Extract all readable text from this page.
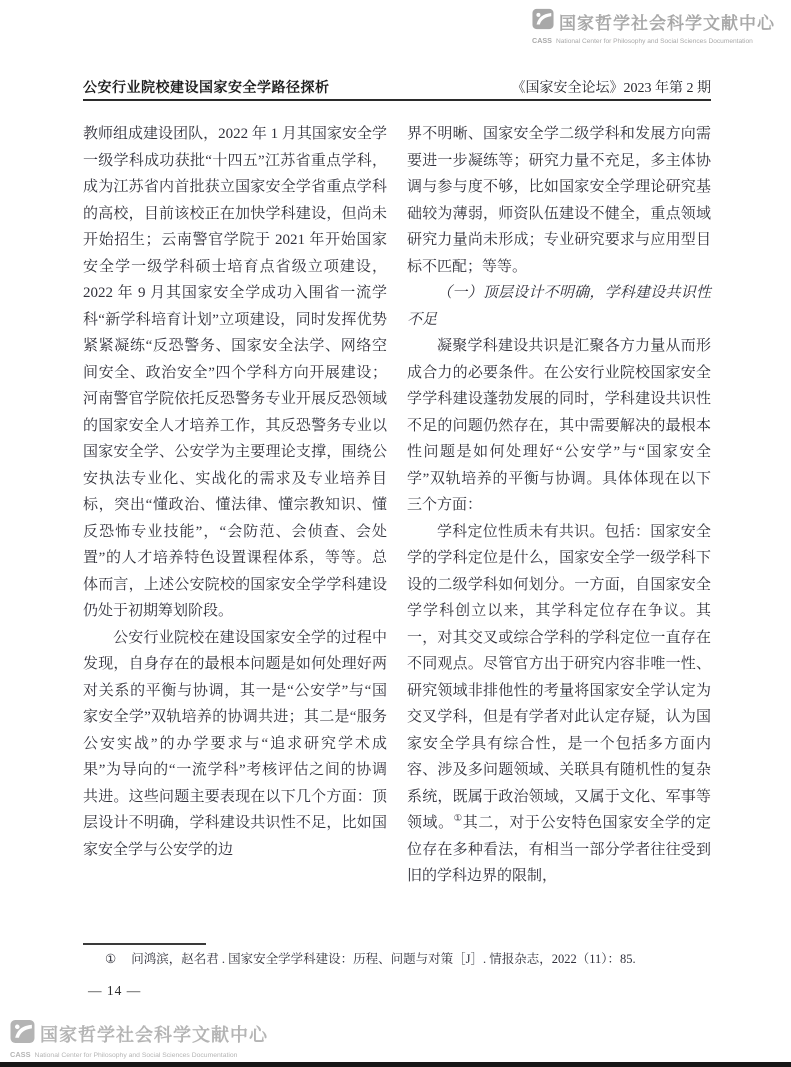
国家哲学社会科学文献中心
CASS National Center for Philosophy and Social Sciences Documentation
公安行业院校建设国家安全学路径探析	《国家安全论坛》2023 年第 2 期

教师组成建设团队，2022 年 1 月其国家安全学一级学科成功获批“十四五”江苏省重点学科，成为江苏省内首批获立国家安全学省重点学科的高校，目前该校正在加快学科建设，但尚未开始招生；云南警官学院于 2021 年开始国家安全学一级学科硕士培育点省级立项建设，2022 年 9 月其国家安全学成功入围省一流学科“新学科培育计划”立项建设，同时发挥优势紧紧凝练“反恐警务、国家安全法学、网络空间安全、政治安全”四个学科方向开展建设；河南警官学院依托反恐警务专业开展反恐领域的国家安全人才培养工作，其反恐警务专业以国家安全学、公安学为主要理论支撑，围绕公安执法专业化、实战化的需求及专业培养目标，突出“懂政治、懂法律、懂宗教知识、懂反恐怖专业技能”，“会防范、会侦查、会处置”的人才培养特色设置课程体系，等等。总体而言，上述公安院校的国家安全学学科建设仍处于初期筹划阶段。

公安行业院校在建设国家安全学的过程中发现，自身存在的最根本问题是如何处理好两对关系的平衡与协调，其一是“公安学”与“国家安全学”双轨培养的协调共进；其二是“服务公安实战”的办学要求与“追求研究学术成果”为导向的“一流学科”考核评估之间的协调共进。这些问题主要表现在以下几个方面：顶层设计不明确，学科建设共识性不足，比如国家安全学与公安学的边

界不明晰、国家安全学二级学科和发展方向需要进一步凝练等；研究力量不充足，多主体协调与参与度不够，比如国家安全学理论研究基础较为薄弱，师资队伍建设不健全，重点领域研究力量尚未形成；专业研究要求与应用型目标不匹配；等等。

（一）顶层设计不明确，学科建设共识性不足

凝聚学科建设共识是汇聚各方力量从而形成合力的必要条件。在公安行业院校国家安全学学科建设蓬勃发展的同时，学科建设共识性不足的问题仍然存在，其中需要解决的最根本性问题是如何处理好“公安学”与“国家安全学”双轨培养的平衡与协调。具体体现在以下三个方面：

学科定位性质未有共识。包括：国家安全学的学科定位是什么，国家安全学一级学科下设的二级学科如何划分。一方面，自国家安全学学科创立以来，其学科定位存在争议。其一，对其交叉或综合学科的学科定位一直存在不同观点。尽管官方出于研究内容非唯一性、研究领域非排他性的考量将国家安全学认定为交叉学科，但是有学者对此认定存疑，认为国家安全学具有综合性，是一个包括多方面内容、涉及多问题领域、关联具有随机性的复杂系统，既属于政治领域，又属于文化、军事等领域。①其二，对于公安特色国家安全学的定位存在多种看法，有相当一部分学者往往受到旧的学科边界的限制，

① 问鸿滨，赵名君 . 国家安全学学科建设：历程、问题与对策［J］. 情报杂志，2022（11）：85.
— 14 —
国家哲学社会科学文献中心
CASS National Center for Philosophy and Social Sciences Documentation
